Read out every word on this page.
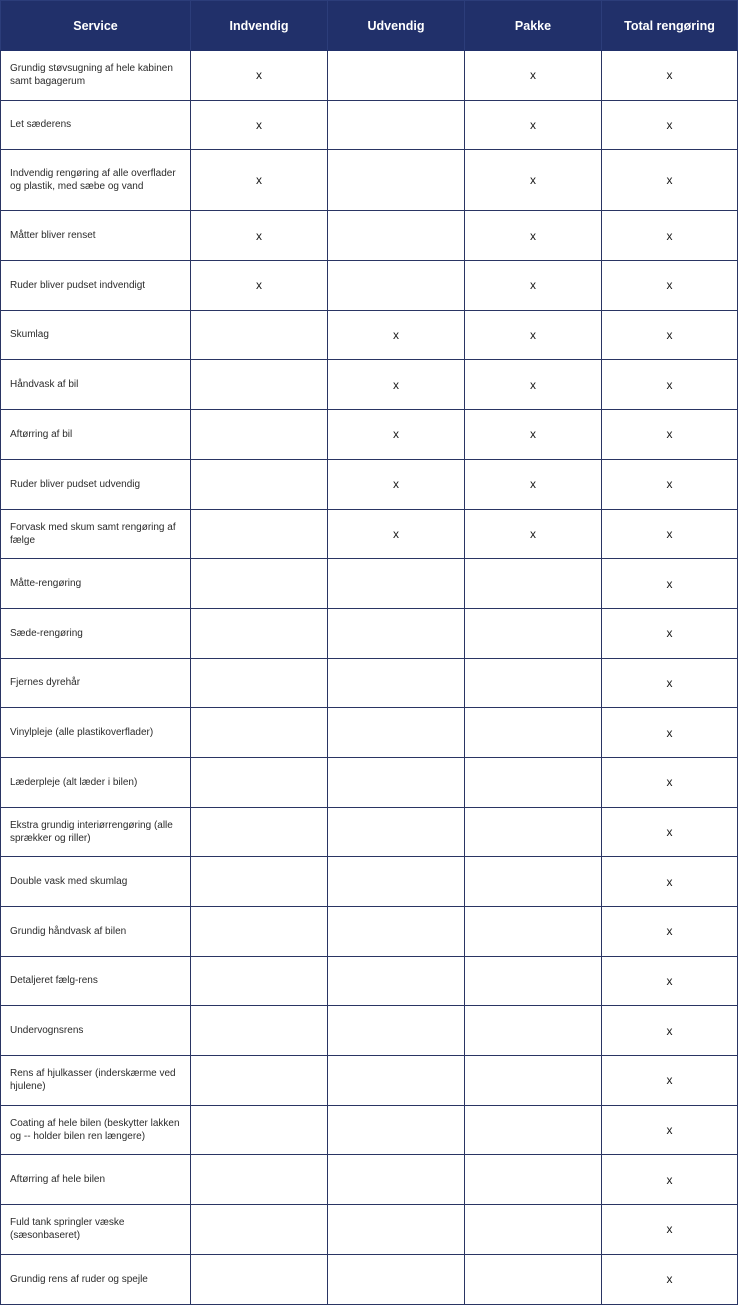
Service	Indvendig	Udvendig	Pakke	Total rengøring
Grundig støvsugning af hele kabinen samt bagagerum	x		x	x
Let sæderens	x		x	x
Indvendig rengøring af alle overflader og plastik, med sæbe og vand	x		x	x
Måtter bliver renset	x		x	x
Ruder bliver pudset indvendigt	x		x	x
Skumlag		x	x	x
Håndvask af bil		x	x	x
Aftørring af bil		x	x	x
Ruder bliver pudset udvendig		x	x	x
Forvask med skum samt rengøring af fælge		x	x	x
Måtte-rengøring				x
Sæde-rengøring				x
Fjernes dyrehår				x
Vinylpleje (alle plastikoverflader)				x
Læderpleje (alt læder i bilen)				x
Ekstra grundig interiørrengøring (alle sprækker og riller)				x
Double vask med skumlag				x
Grundig håndvask af bilen				x
Detaljeret fælg-rens				x
Undervognsrens				x
Rens af hjulkasser (inderskærme ved hjulene)				x
Coating af hele bilen (beskytter lakken og -- holder bilen ren længere)				x
Aftørring af hele bilen				x
Fuld tank springler væske (sæsonbaseret)				x
Grundig rens af ruder og spejle				x
